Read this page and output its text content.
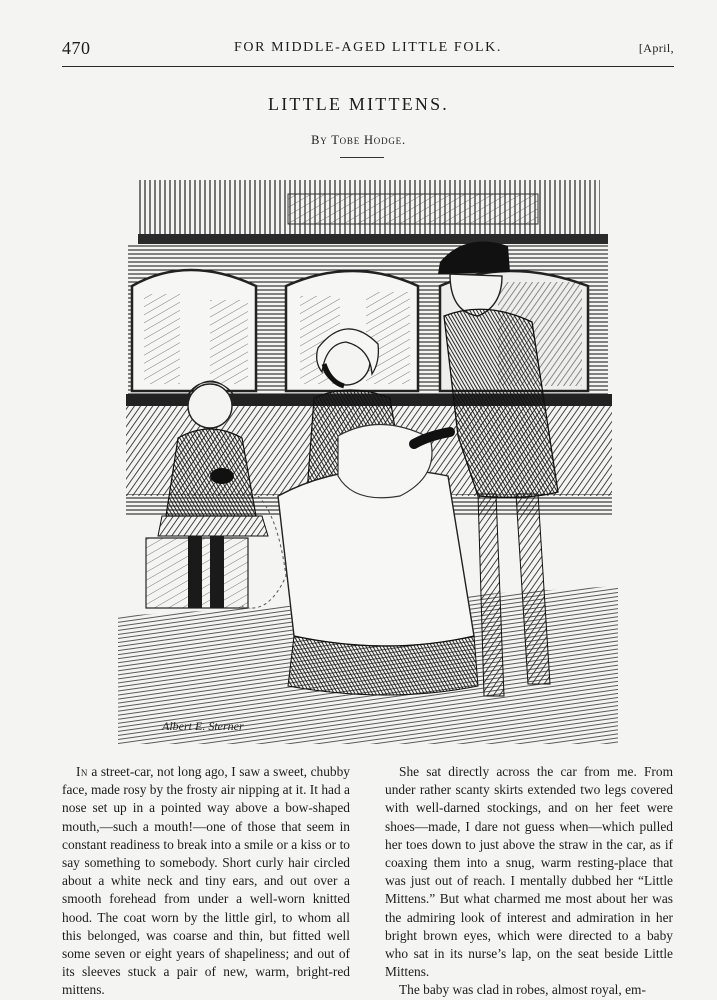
470	FOR MIDDLE-AGED LITTLE FOLK.	[April,
LITTLE MITTENS.
By Tobe Hodge.
Albert E. Sterner

In a street-car, not long ago, I saw a sweet, chubby face, made rosy by the frosty air nipping at it. It had a nose set up in a pointed way above a bow-shaped mouth,—such a mouth!—one of those that seem in constant readiness to break into a smile or a kiss or to say something to somebody. Short curly hair circled about a white neck and tiny ears, and out over a smooth forehead from under a well-worn knitted hood. The coat worn by the little girl, to whom all this belonged, was coarse and thin, but fitted well some seven or eight years of shapeliness; and out of its sleeves stuck a pair of new, warm, bright-red mittens.

She sat directly across the car from me. From under rather scanty skirts extended two legs covered with well-darned stockings, and on her feet were shoes—made, I dare not guess when—which pulled her toes down to just above the straw in the car, as if coaxing them into a snug, warm resting-place that was just out of reach. I mentally dubbed her “Little Mittens.” But what charmed me most about her was the admiring look of interest and admiration in her bright brown eyes, which were directed to a baby who sat in its nurse’s lap, on the seat beside Little Mittens.

The baby was clad in robes, almost royal, em-
